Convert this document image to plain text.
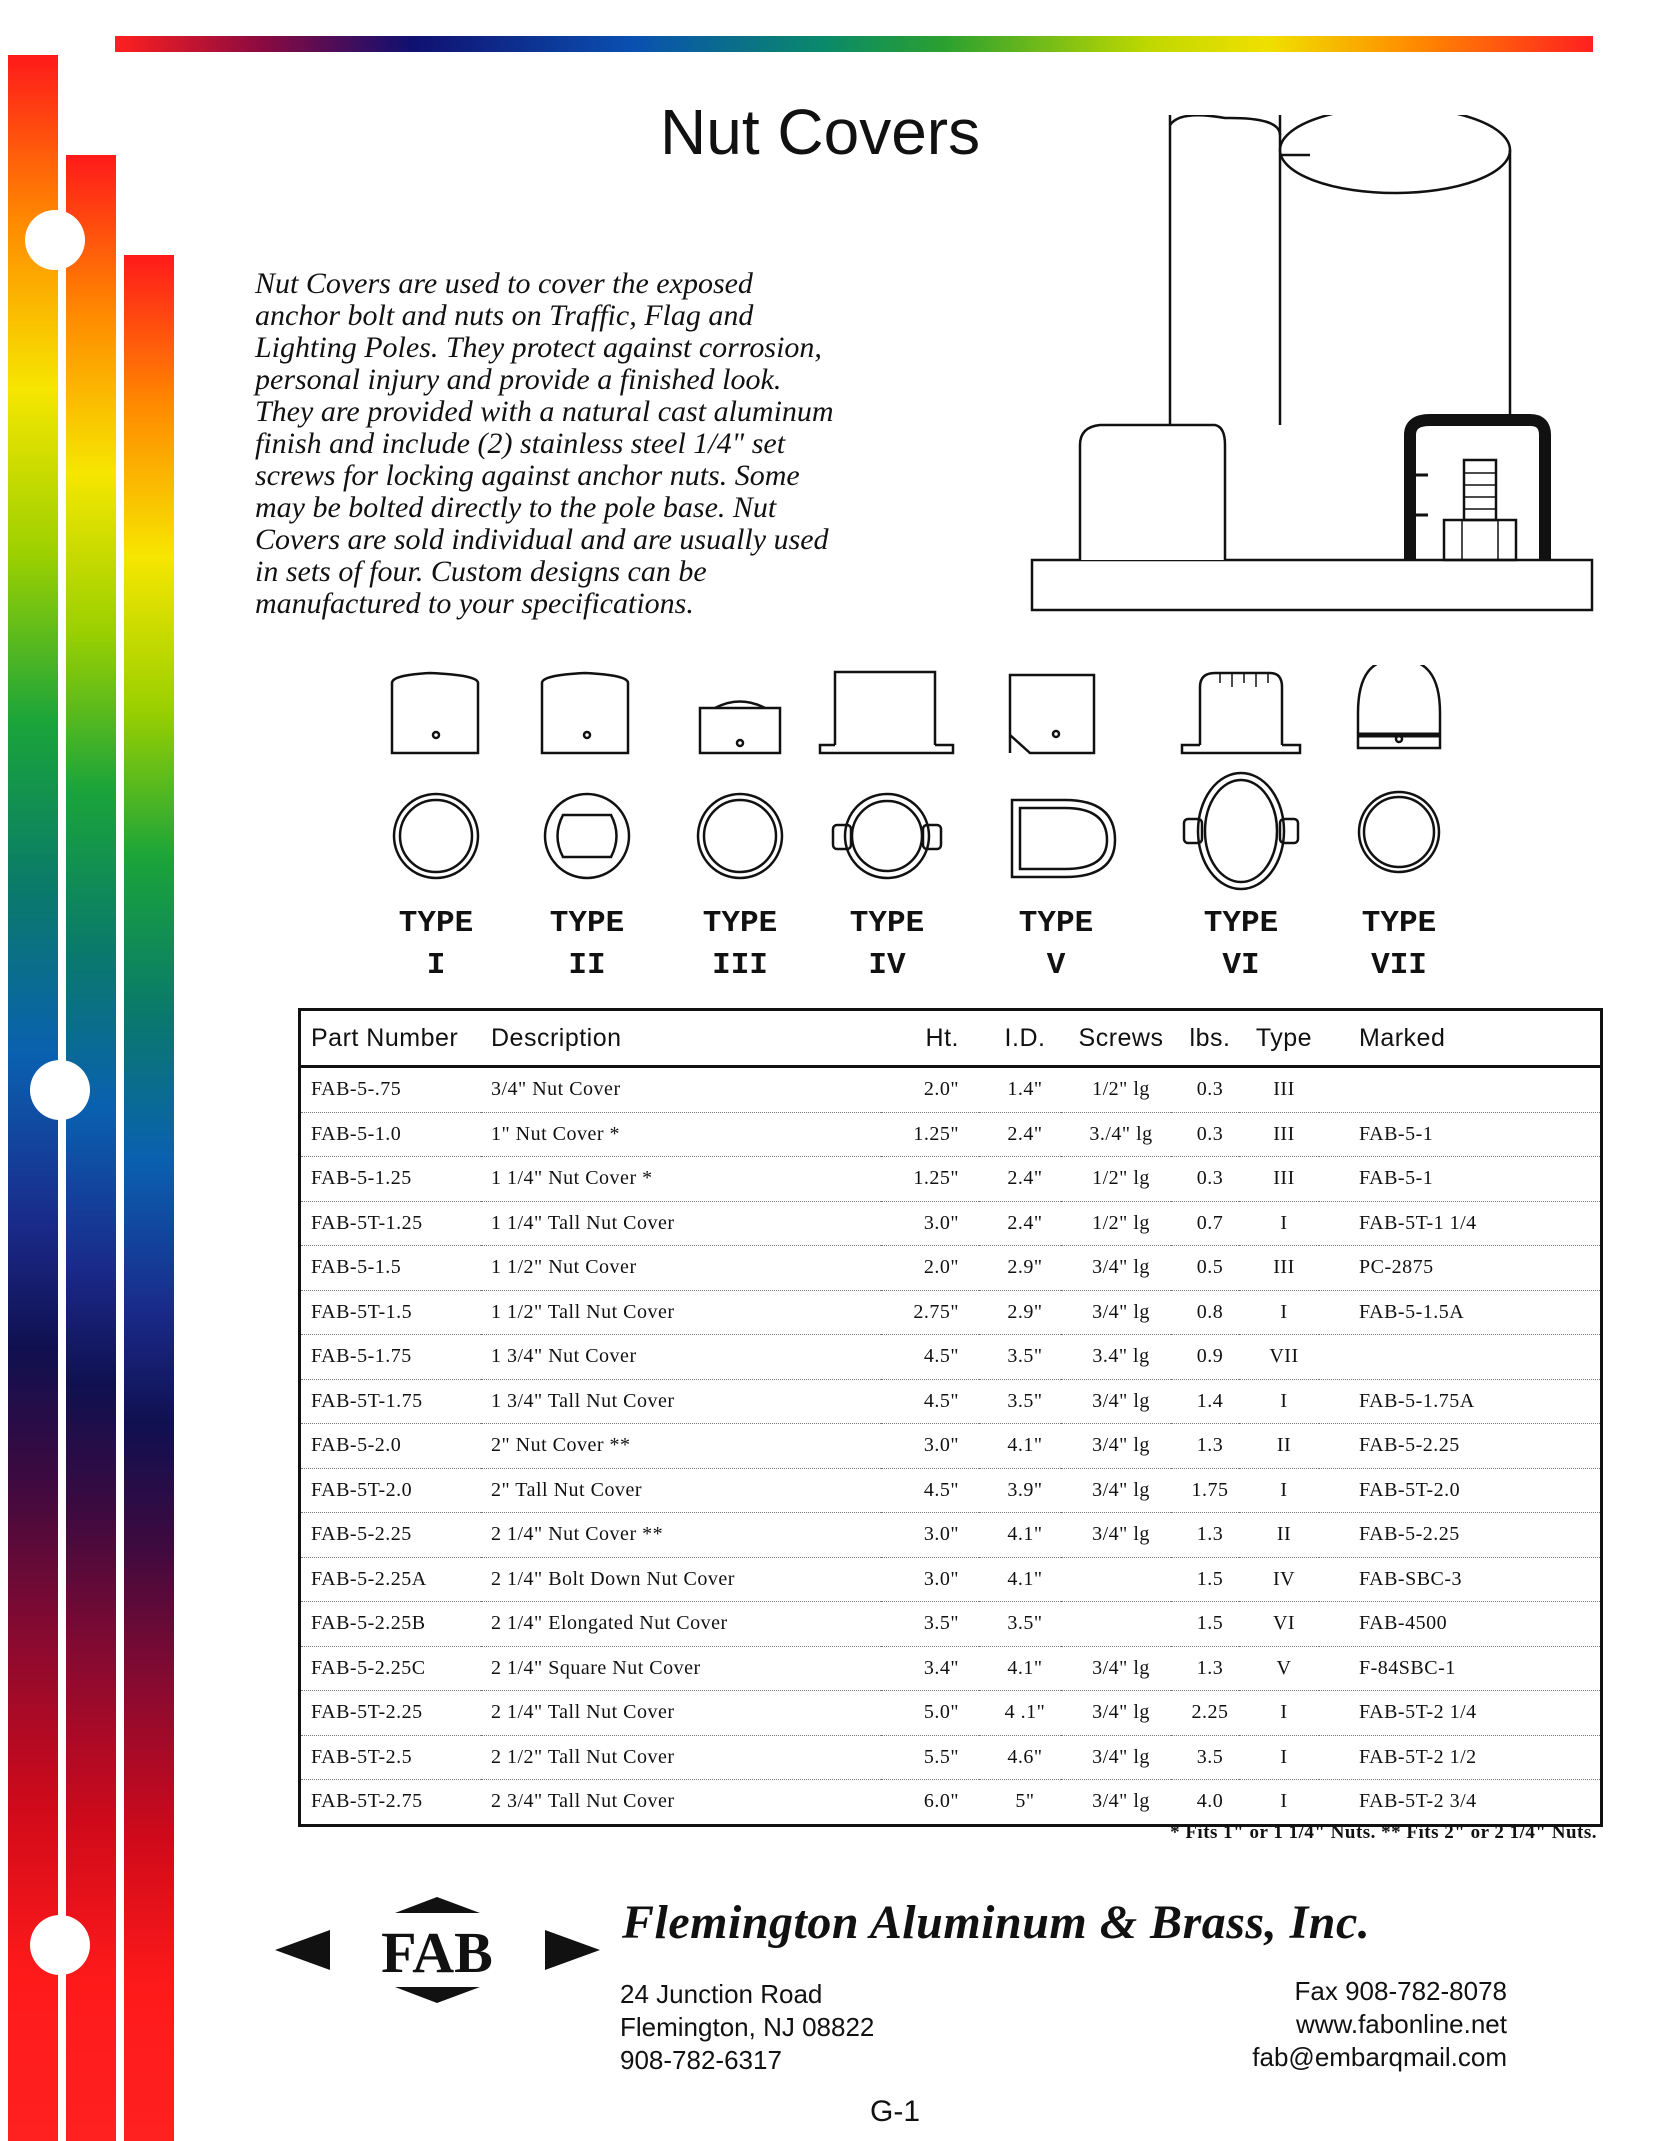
Nut Covers
Nut Covers are used to cover the exposed
anchor bolt and nuts on Traffic, Flag and
Lighting Poles. They protect against corrosion,
personal injury and provide a finished look.
They are provided with a natural cast aluminum
finish and include (2) stainless steel 1/4" set
screws for locking against anchor nuts. Some
may be bolted directly to the pole base. Nut
Covers are sold individual and are usually used
in sets of four. Custom designs can be
manufactured to your specifications.
TYPE
I
TYPE
II
TYPE
III
TYPE
IV
TYPE
V
TYPE
VI
TYPE
VII
Part Number	Description	Ht.	I.D.	Screws	lbs.	Type	Marked
FAB-5-.75	3/4" Nut Cover	2.0"	1.4"	1/2" lg	0.3	III	
FAB-5-1.0	1" Nut Cover *	1.25"	2.4"	3./4" lg	0.3	III	FAB-5-1
FAB-5-1.25	1 1/4" Nut Cover *	1.25"	2.4"	1/2" lg	0.3	III	FAB-5-1
FAB-5T-1.25	1 1/4" Tall Nut Cover	3.0"	2.4"	1/2" lg	0.7	I	FAB-5T-1 1/4
FAB-5-1.5	1 1/2" Nut Cover	2.0"	2.9"	3/4" lg	0.5	III	PC-2875
FAB-5T-1.5	1 1/2" Tall Nut Cover	2.75"	2.9"	3/4" lg	0.8	I	FAB-5-1.5A
FAB-5-1.75	1 3/4" Nut Cover	4.5"	3.5"	3.4" lg	0.9	VII	
FAB-5T-1.75	1 3/4" Tall Nut Cover	4.5"	3.5"	3/4" lg	1.4	I	FAB-5-1.75A
FAB-5-2.0	2" Nut Cover **	3.0"	4.1"	3/4" lg	1.3	II	FAB-5-2.25
FAB-5T-2.0	2" Tall Nut Cover	4.5"	3.9"	3/4" lg	1.75	I	FAB-5T-2.0
FAB-5-2.25	2 1/4" Nut Cover **	3.0"	4.1"	3/4" lg	1.3	II	FAB-5-2.25
FAB-5-2.25A	2 1/4" Bolt Down Nut Cover	3.0"	4.1"		1.5	IV	FAB-SBC-3
FAB-5-2.25B	2 1/4" Elongated Nut Cover	3.5"	3.5"		1.5	VI	FAB-4500
FAB-5-2.25C	2 1/4" Square Nut Cover	3.4"	4.1"	3/4" lg	1.3	V	F-84SBC-1
FAB-5T-2.25	2 1/4" Tall Nut Cover	5.0"	4 .1"	3/4" lg	2.25	I	FAB-5T-2 1/4
FAB-5T-2.5	2 1/2" Tall Nut Cover	5.5"	4.6"	3/4" lg	3.5	I	FAB-5T-2 1/2
FAB-5T-2.75	2 3/4" Tall Nut Cover	6.0"	5"	3/4" lg	4.0	I	FAB-5T-2 3/4
* Fits 1" or 1 1/4" Nuts. ** Fits 2" or 2 1/4" Nuts.
FAB	Flemington Aluminum & Brass, Inc.
24 Junction Road
Flemington, NJ 08822
908-782-6317
Fax 908-782-8078
www.fabonline.net
fab@embarqmail.com
G-1
